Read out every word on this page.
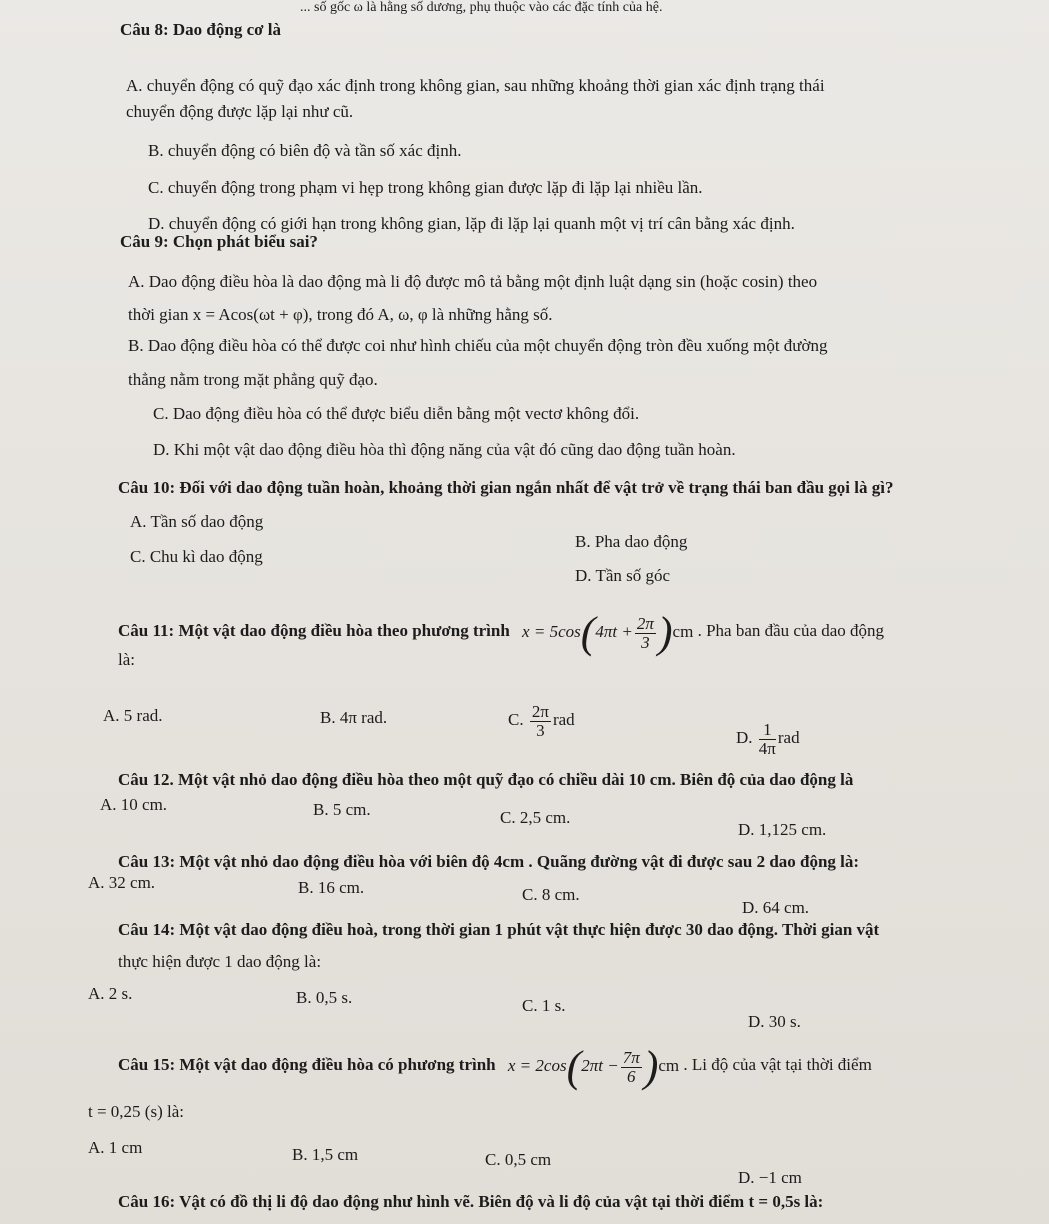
... số gốc ω là hằng số dương, phụ thuộc vào các đặc tính của hệ.
Câu 8: Dao động cơ là
A. chuyển động có quỹ đạo xác định trong không gian, sau những khoảng thời gian xác định trạng thái
chuyển động được lặp lại như cũ.
B. chuyển động có biên độ và tần số xác định.
C. chuyển động trong phạm vi hẹp trong không gian được lặp đi lặp lại nhiều lần.
D. chuyển động có giới hạn trong không gian, lặp đi lặp lại quanh một vị trí cân bằng xác định.
Câu 9: Chọn phát biểu sai?
A. Dao động điều hòa là dao động mà li độ được mô tả bằng một định luật dạng sin (hoặc cosin) theo
thời gian x = Acos(ωt + φ), trong đó A, ω, φ là những hằng số.
B. Dao động điều hòa có thể được coi như hình chiếu của một chuyển động tròn đều xuống một đường
thẳng nằm trong mặt phẳng quỹ đạo.
C. Dao động điều hòa có thể được biểu diễn bằng một vectơ không đổi.
D. Khi một vật dao động điều hòa thì động năng của vật đó cũng dao động tuần hoàn.
Câu 10: Đối với dao động tuần hoàn, khoảng thời gian ngắn nhất để vật trở về trạng thái ban đầu gọi là gì?
A. Tần số dao động
B. Pha dao động
C. Chu kì dao động
D. Tần số góc
Câu 11: Một vật dao động điều hòa theo phương trình $x = 5\cos(4\pi t + \frac{2\pi}{3} )cm$ . Pha ban đầu của dao động
là:
A. 5 rad.	B. 4π rad.	C. $\frac{2\pi}{3}$ rad
D. $\frac{1}{4\pi}$ rad
Câu 12. Một vật nhỏ dao động điều hòa theo một quỹ đạo có chiều dài 10 cm. Biên độ của dao động là
A. 10 cm.	B. 5 cm.	C. 2,5 cm.
D. 1,125 cm.
Câu 13: Một vật nhỏ dao động điều hòa với biên độ 4cm . Quãng đường vật đi được sau 2 dao động là:
A. 32 cm.	B. 16 cm.	C. 8 cm.
D. 64 cm.
Câu 14: Một vật dao động điều hoà, trong thời gian 1 phút vật thực hiện được 30 dao động. Thời gian vật
thực hiện được 1 dao động là:
A. 2 s.	B. 0,5 s.	C. 1 s.
D. 30 s.
Câu 15: Một vật dao động điều hòa có phương trình $x = 2\cos(2\pi t - \frac{7\pi}{6} )cm$ . Li độ của vật tại thời điểm
t = 0,25 (s) là:
A. 1 cm	B. 1,5 cm	C. 0,5 cm
D. −1 cm
Câu 16: Vật có đồ thị li độ dao động như hình vẽ. Biên độ và li độ của vật tại thời điểm t = 0,5s là:
